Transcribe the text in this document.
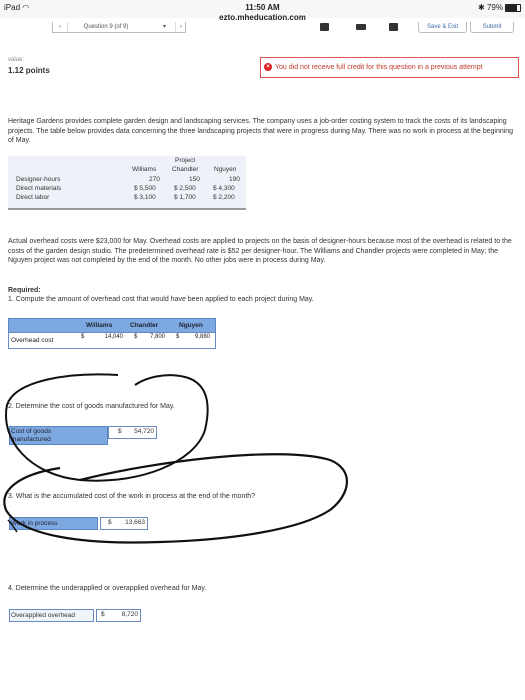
iPad ◠	11:50 AM
ezto.mheducation.com
✱ 79%
‹	Question 9 (of 9)	▾	›	Save & Exit	Submit
value:
1.12 points	× You did not receive full credit for this question in a previous attempt

Heritage Gardens provides complete garden design and landscaping services. The company uses a job-order costing system to track the costs of its landscaping projects. The table below provides data concerning the three landscaping projects that were in progress during May. There was no work in process at the beginning of May.

Project
Williams Chandler Nguyen
Designer-hours	270	150	190
Direct materials	$ 5,500	$ 2,500	$ 4,300
Direct labor	$ 3,100	$ 1,700	$ 2,200

Actual overhead costs were $23,000 for May. Overhead costs are applied to projects on the basis of designer-hours because most of the overhead is related to the costs of the garden design studio. The predetermined overhead rate is $52 per designer-hour. The Williams and Chandler projects were completed in May; the Nguyen project was not completed by the end of the month. No other jobs were in process during May.

Required:
1. Compute the amount of overhead cost that would have been applied to each project during May.
Williams	Chandler	Nguyen
Overhead cost	$	14,040 $ 7,800 $	9,880
2. Determine the cost of goods manufactured for May.
Cost of goods manufactured
$ 54,720
3. What is the accumulated cost of the work in process at the end of the month?
Work in process	$ 13,663
4. Determine the underapplied or overapplied overhead for May.
Overapplied overhead	$	8,720
